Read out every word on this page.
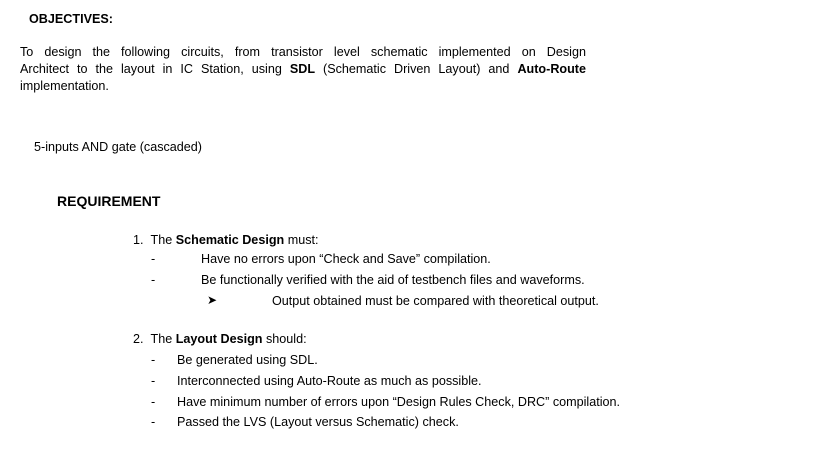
OBJECTIVES:
To design the following circuits, from transistor level schematic implemented on Design
Architect to the layout in IC Station, using SDL (Schematic Driven Layout) and Auto-Route
implementation.
5-inputs AND gate (cascaded)
REQUIREMENT
1. The Schematic Design must:
-	Have no errors upon “Check and Save” compilation.
-	Be functionally verified with the aid of testbench files and waveforms.
➤	Output obtained must be compared with theoretical output.
2. The Layout Design should:
- Be generated using SDL.
- Interconnected using Auto-Route as much as possible.
- Have minimum number of errors upon “Design Rules Check, DRC” compilation.
- Passed the LVS (Layout versus Schematic) check.
